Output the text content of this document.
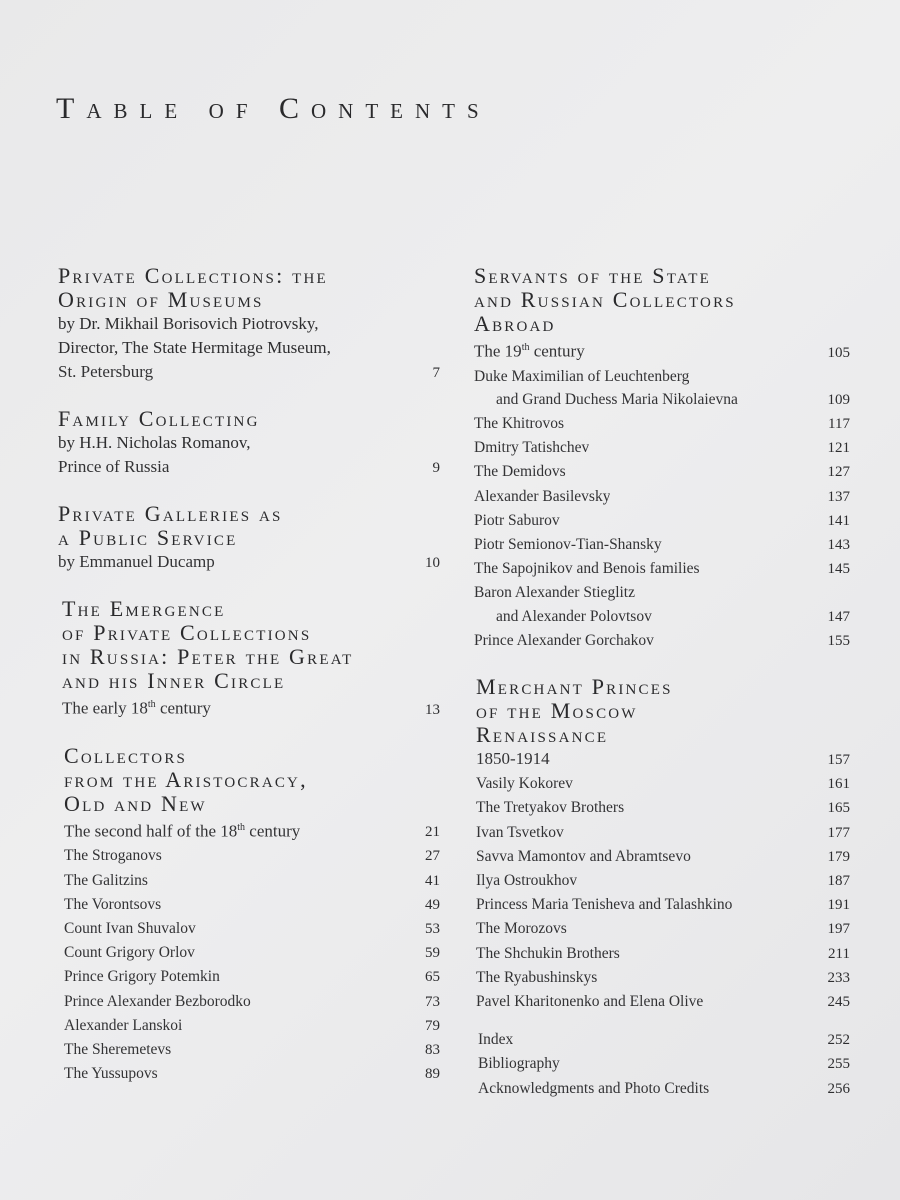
Table of Contents
Private Collections: the
Origin of Museums
by Dr. Mikhail Borisovich Piotrovsky,
Director, The State Hermitage Museum,
St. Petersburg	7
Family Collecting
by H.H. Nicholas Romanov,
Prince of Russia	9
Private Galleries as
a Public Service
by Emmanuel Ducamp	10
The Emergence
of Private Collections
in Russia: Peter the Great
and his Inner Circle
The early 18th century	13
Collectors
from the Aristocracy,
Old and New
The second half of the 18th century	21
The Stroganovs	27
The Galitzins	41
The Vorontsovs	49
Count Ivan Shuvalov	53
Count Grigory Orlov	59
Prince Grigory Potemkin	65
Prince Alexander Bezborodko	73
Alexander Lanskoi	79
The Sheremetevs	83
The Yussupovs	89
Servants of the State
and Russian Collectors
Abroad
The 19th century	105
Duke Maximilian of Leuchtenberg
and Grand Duchess Maria Nikolaievna	109
The Khitrovos	117
Dmitry Tatishchev	121
The Demidovs	127
Alexander Basilevsky	137
Piotr Saburov	141
Piotr Semionov-Tian-Shansky	143
The Sapojnikov and Benois families	145
Baron Alexander Stieglitz
and Alexander Polovtsov	147
Prince Alexander Gorchakov	155
Merchant Princes
of the Moscow
Renaissance
1850-1914	157
Vasily Kokorev	161
The Tretyakov Brothers	165
Ivan Tsvetkov	177
Savva Mamontov and Abramtsevo	179
Ilya Ostroukhov	187
Princess Maria Tenisheva and Talashkino	191
The Morozovs	197
The Shchukin Brothers	211
The Ryabushinskys	233
Pavel Kharitonenko and Elena Olive	245
Index	252
Bibliography	255
Acknowledgments and Photo Credits	256
